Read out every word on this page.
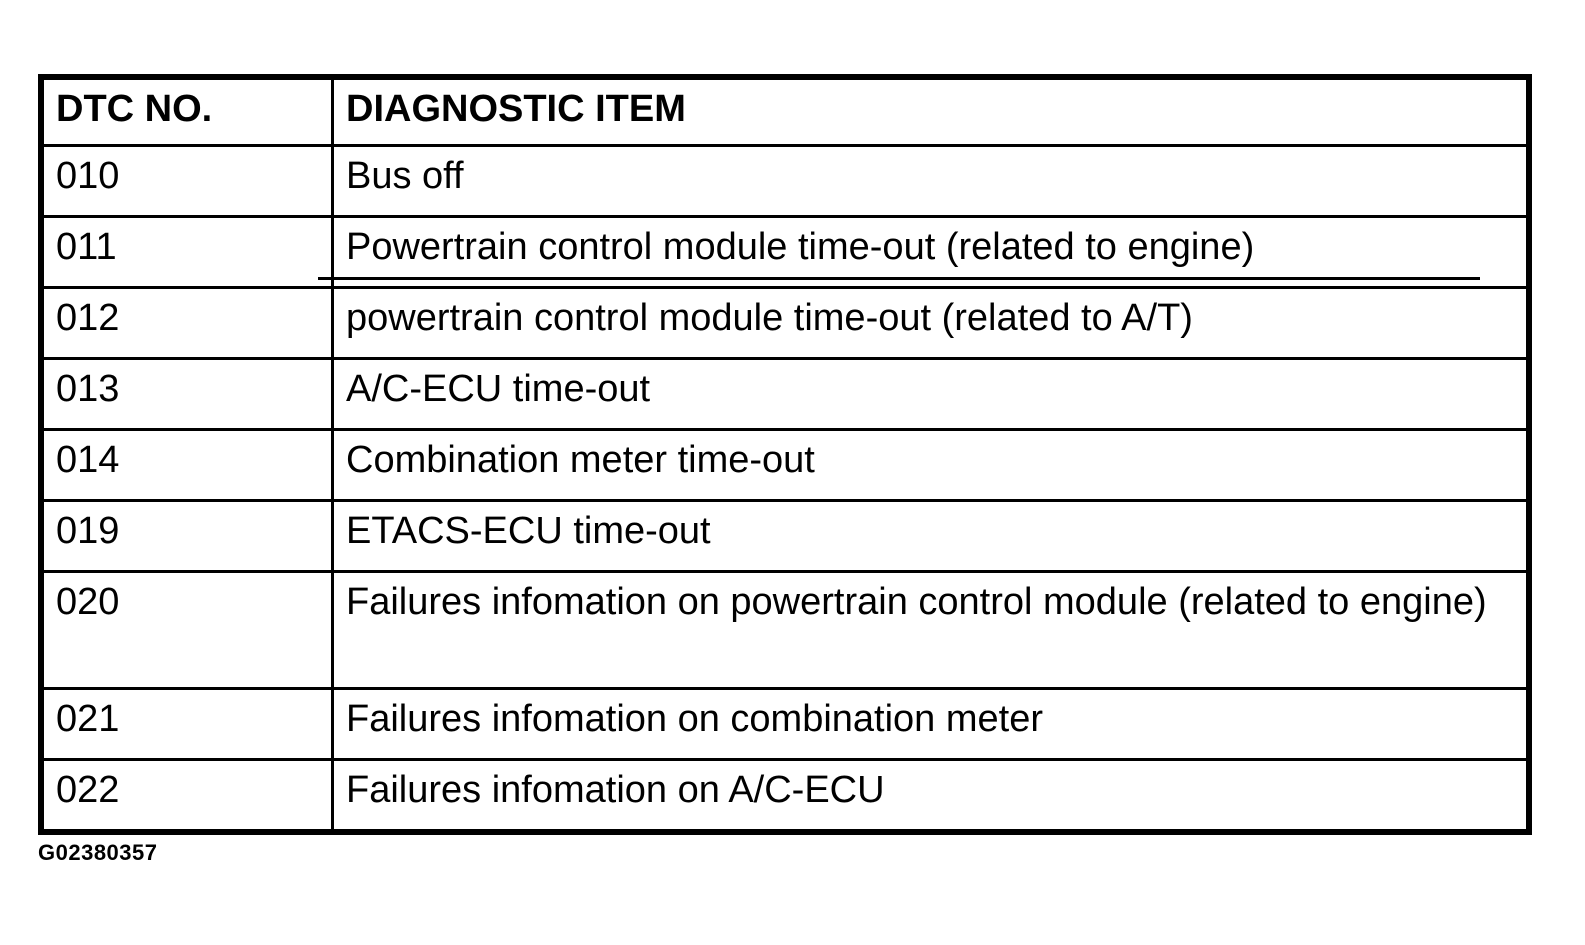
DTC NO.	DIAGNOSTIC ITEM
010	Bus off
011	Powertrain control module time-out (related to engine)
012	powertrain control module time-out (related to A/T)
013	A/C-ECU time-out
014	Combination meter time-out
019	ETACS-ECU time-out
020	Failures infomation on powertrain control module (related to engine)
021	Failures infomation on combination meter
022	Failures infomation on A/C-ECU
G02380357
